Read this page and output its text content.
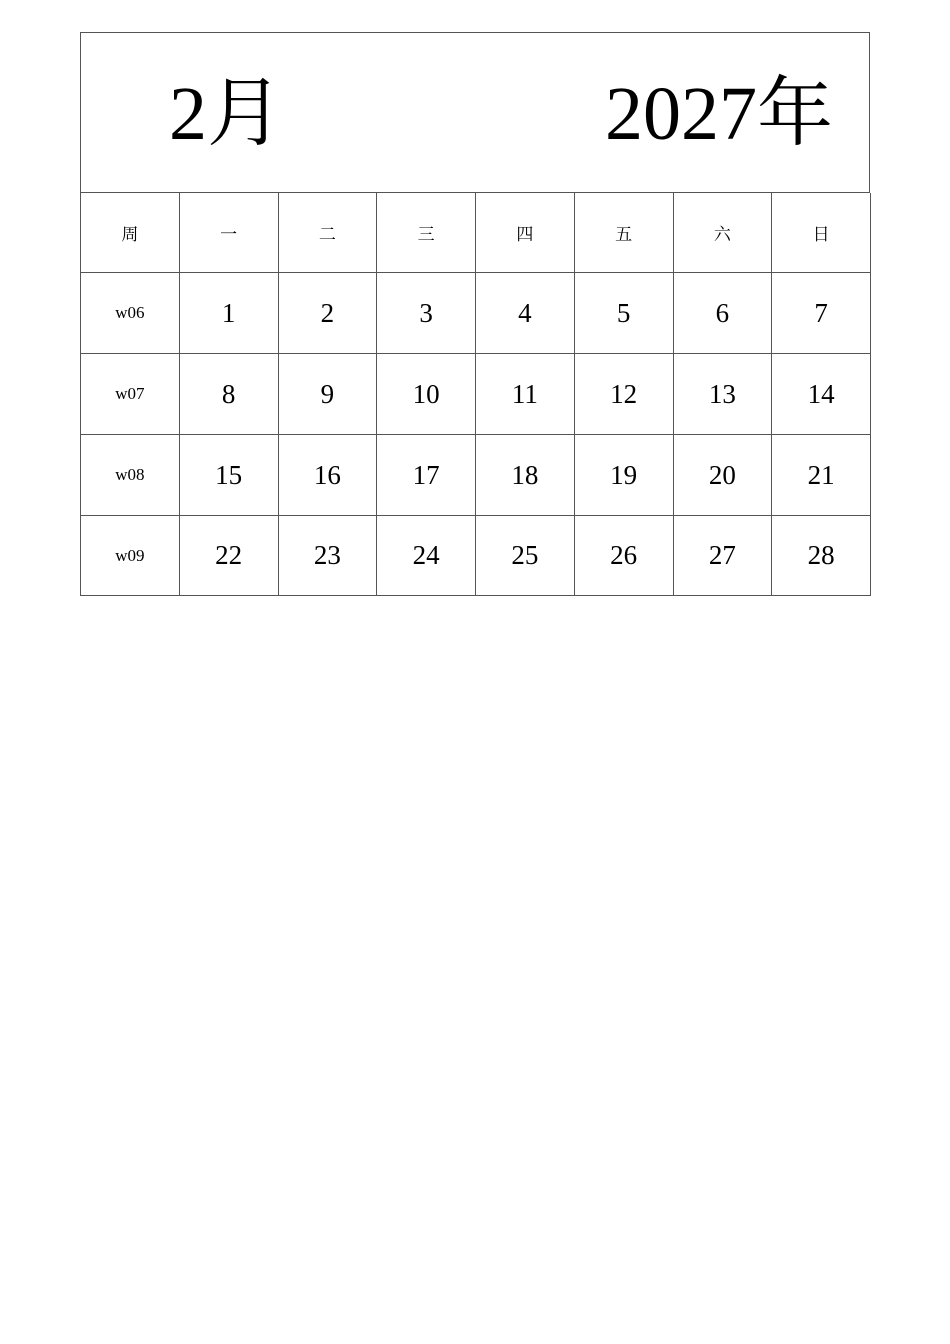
2月	2027年
周	一	二	三	四	五	六	日
w06	1	2	3	4	5	6	7
w07	8	9	10	11	12	13	14
w08	15	16	17	18	19	20	21
w09	22	23	24	25	26	27	28
